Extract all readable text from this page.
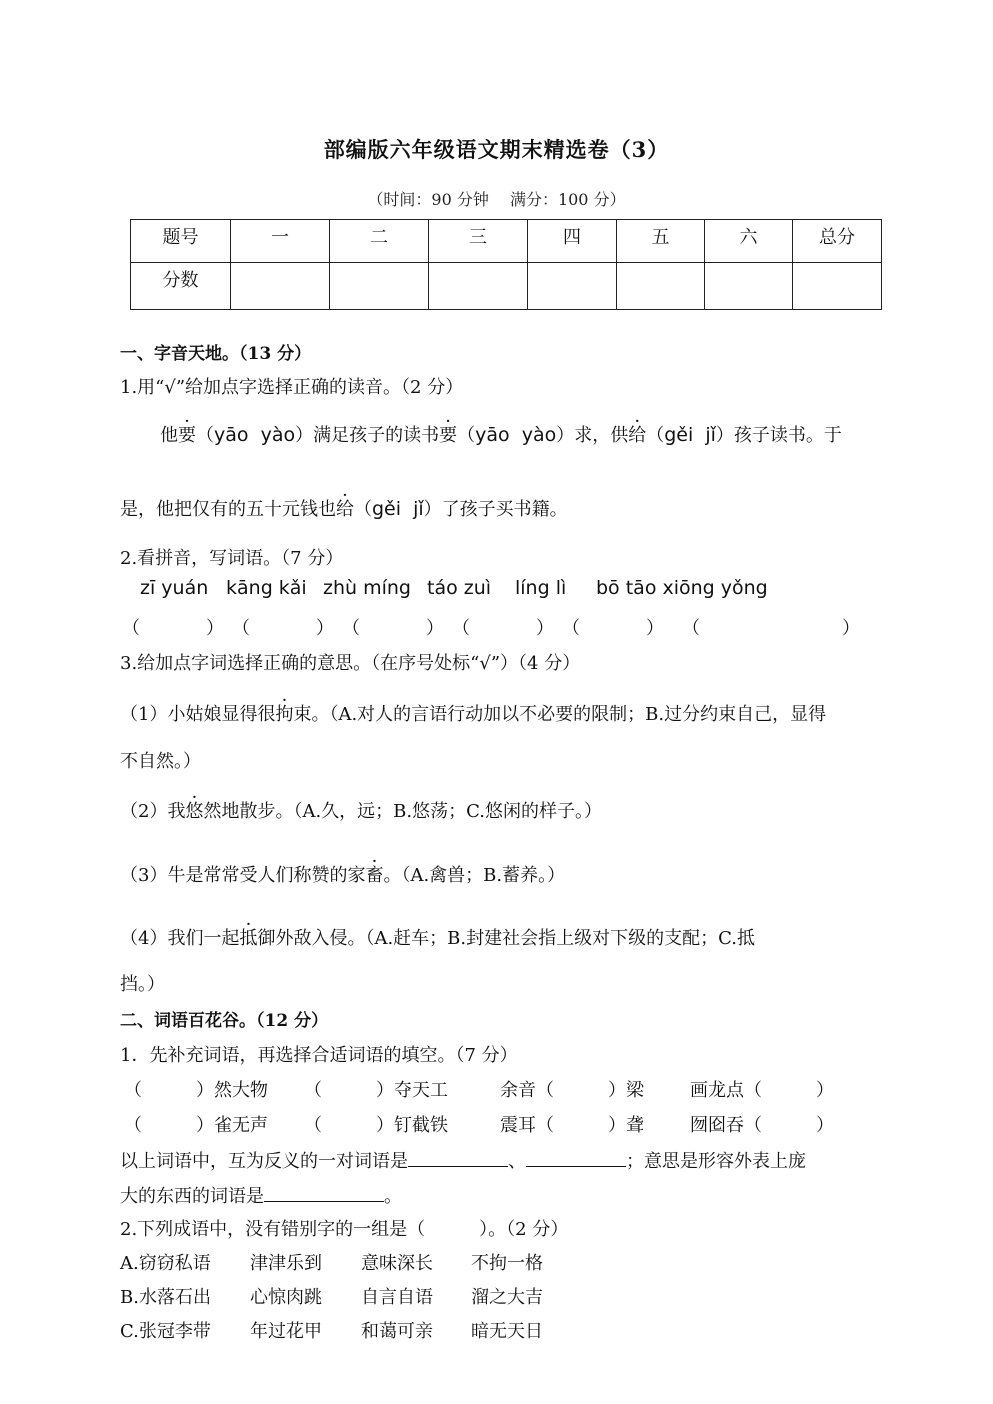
部编版六年级语文期末精选卷（3）
（时间：90 分钟　 满分：100 分）
题号	一	二	三	四	五	六	总分
分数							
一、字音天地。（13 分）
1.用“√”给加点字选择正确的读音。（2 分）
他要（yāo  yào）满足孩子的读书要（yāo  yào）求，供给（gěi  jǐ）孩子读书。于
是，他把仅有的五十元钱也给（gěi  jǐ）了孩子买书籍。
2.看拼音，写词语。（7 分）
zī yuán kāng kǎi zhù míng táo zuì líng lì bō tāo xiōng yǒng
（	） （	） （	） （	） （	） （	）
3.给加点字词选择正确的意思。（在序号处标“√”）（4 分）
（1）小姑娘显得很拘束。（A.对人的言语行动加以不必要的限制；B.过分约束自己，显得
不自然。）
（2）我悠然地散步。（A.久，远；B.悠荡；C.悠闲的样子。）
（3）牛是常常受人们称赞的家畜。（A.禽兽；B.蓄养。）
（4）我们一起抵御外敌入侵。（A.赶车；B.封建社会指上级对下级的支配；C.抵
挡。）
二、词语百花谷。（12 分）
1．先补充词语，再选择合适词语的填空。（7 分）
（　　　）然大物 （　　　）夺天工	余音（　　　）梁	画龙点（　　　）
（　　　）雀无声 （　　　）钉截铁	震耳（　　　）聋	囫囵吞（　　　）
以上词语中，互为反义的一对词语是	、	；意思是形容外表上庞
大的东西的词语是	。
2.下列成语中，没有错别字的一组是（　　　）。（2 分）
A.窃窃私语 津津乐到 意味深长 不拘一格
B.水落石出 心惊肉跳 自言自语 溜之大吉
C.张冠李带 年过花甲 和蔼可亲 暗无天日
